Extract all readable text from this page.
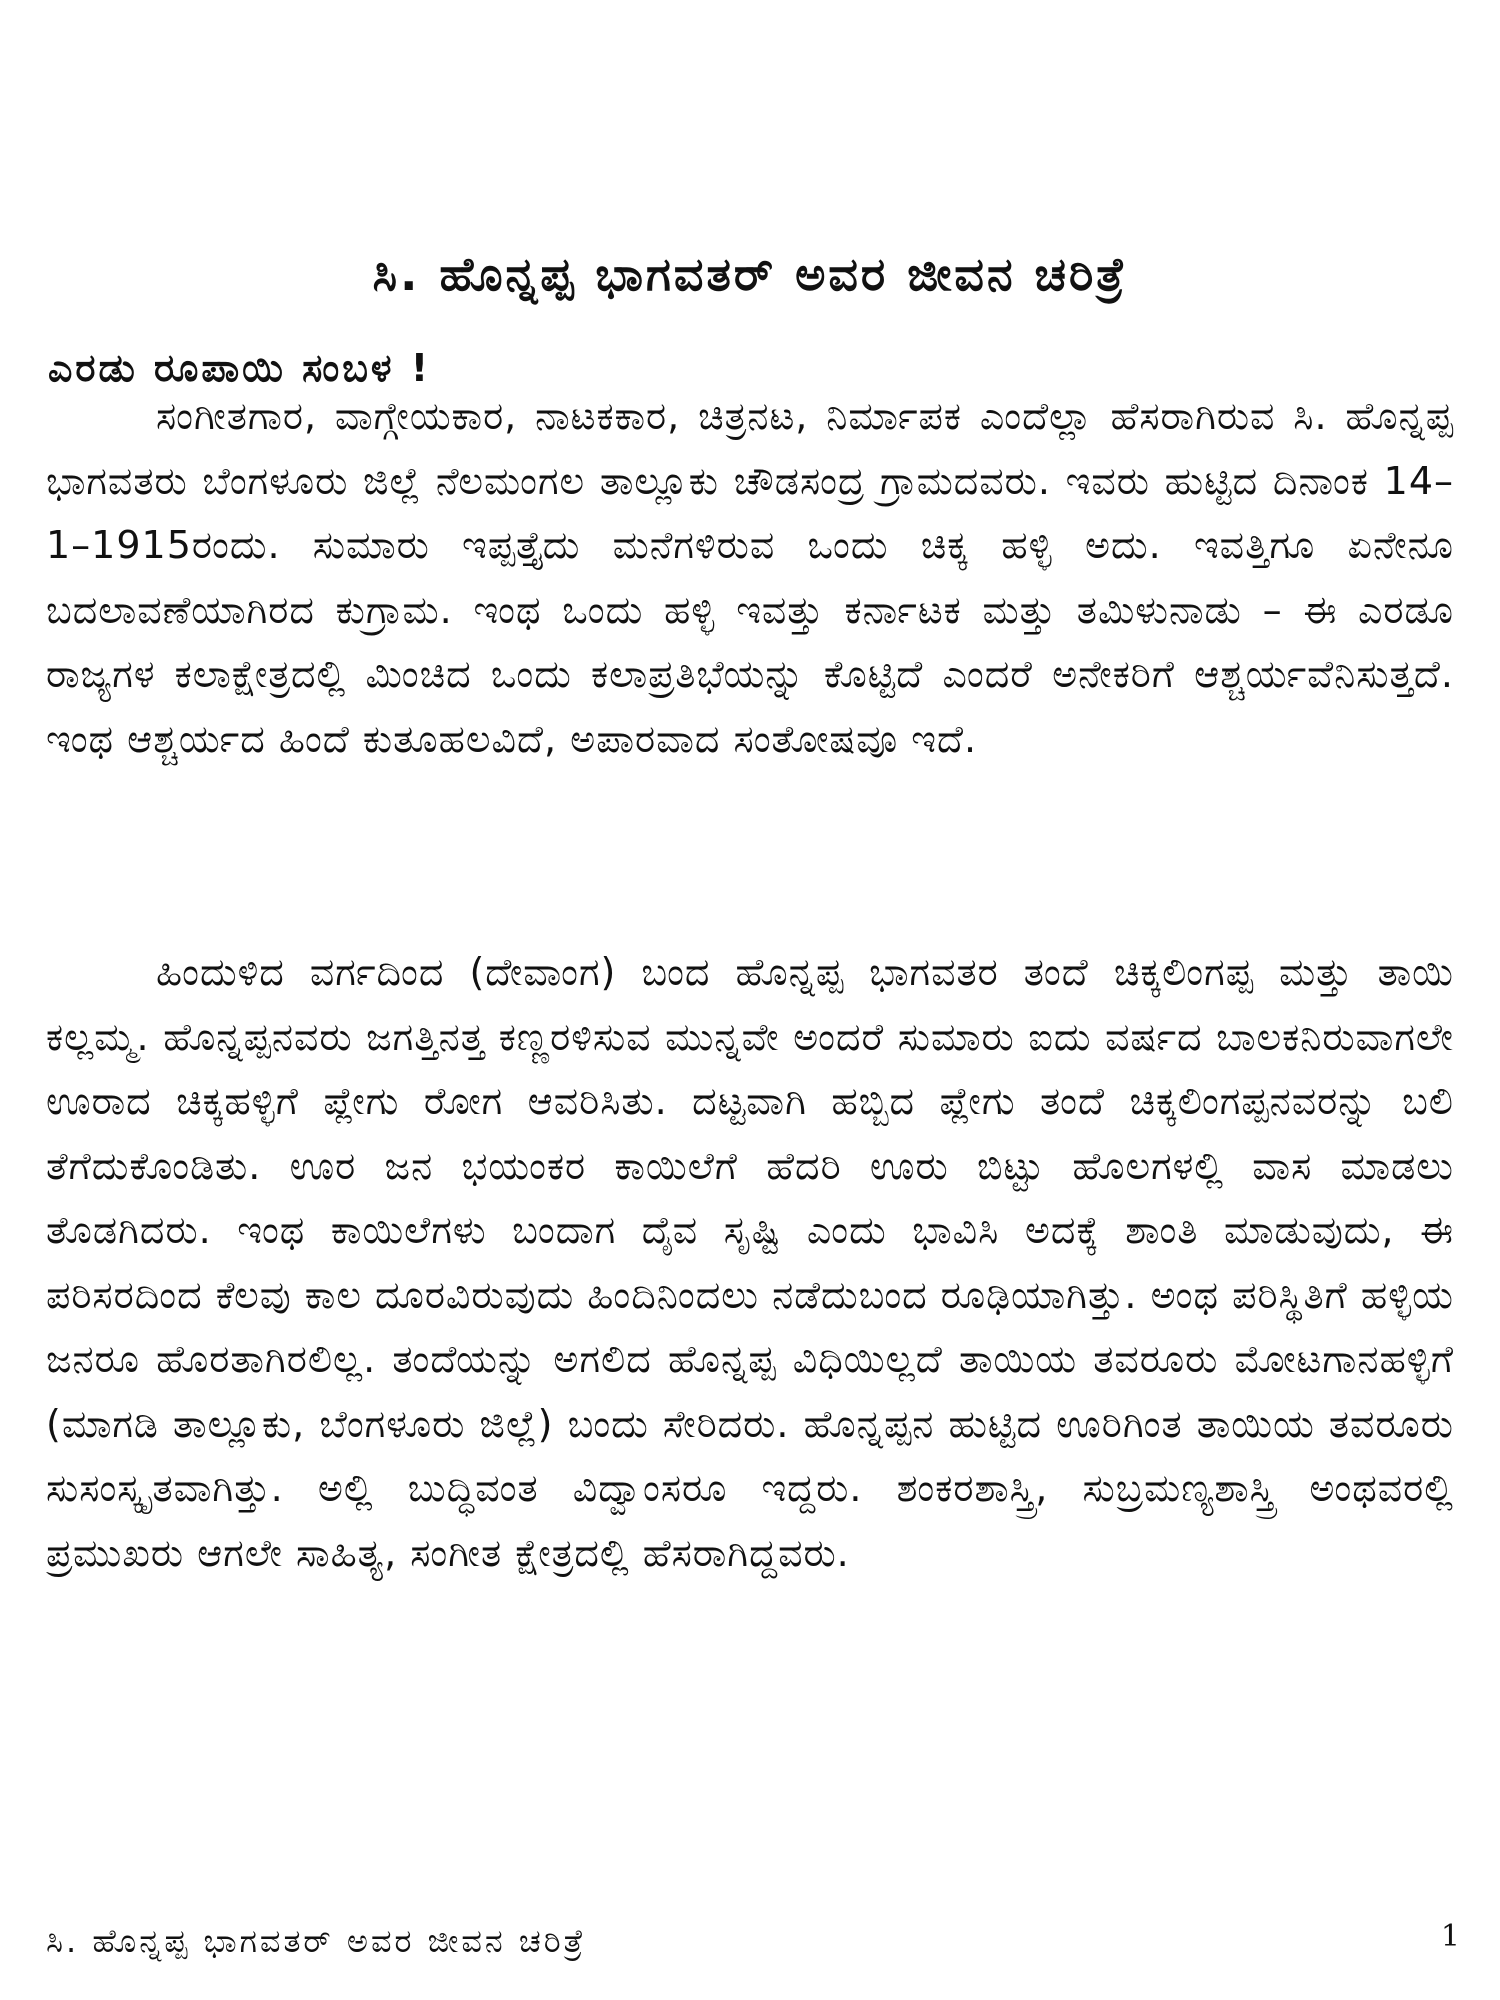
ಸಿ. ಹೊನ್ನಪ್ಪ ಭಾಗವತರ್ ಅವರ ಜೀವನ ಚರಿತ್ರೆ
ಎರಡು ರೂಪಾಯಿ ಸಂಬಳ !

ಸಂಗೀತಗಾರ, ವಾಗ್ಗೇಯಕಾರ, ನಾಟಕಕಾರ, ಚಿತ್ರನಟ, ನಿರ್ಮಾಪಕ ಎಂದೆಲ್ಲಾ ಹೆಸರಾಗಿರುವ ಸಿ. ಹೊನ್ನಪ್ಪ ಭಾಗವತರು ಬೆಂಗಳೂರು ಜಿಲ್ಲೆ ನೆಲಮಂಗಲ ತಾಲ್ಲೂಕು ಚೌಡಸಂದ್ರ ಗ್ರಾಮದವರು. ಇವರು ಹುಟ್ಟಿದ ದಿನಾಂಕ 14–1–1915ರಂದು. ಸುಮಾರು ಇಪ್ಪತ್ತೈದು ಮನೆಗಳಿರುವ ಒಂದು ಚಿಕ್ಕ ಹಳ್ಳಿ ಅದು. ಇವತ್ತಿಗೂ ಏನೇನೂ ಬದಲಾವಣೆಯಾಗಿರದ ಕುಗ್ರಾಮ. ಇಂಥ ಒಂದು ಹಳ್ಳಿ ಇವತ್ತು ಕರ್ನಾಟಕ ಮತ್ತು ತಮಿಳುನಾಡು – ಈ ಎರಡೂ ರಾಜ್ಯಗಳ ಕಲಾಕ್ಷೇತ್ರದಲ್ಲಿ ಮಿಂಚಿದ ಒಂದು ಕಲಾಪ್ರತಿಭೆಯನ್ನು ಕೊಟ್ಟಿದೆ ಎಂದರೆ ಅನೇಕರಿಗೆ ಆಶ್ಚರ್ಯವೆನಿಸುತ್ತದೆ. ಇಂಥ ಆಶ್ಚರ್ಯದ ಹಿಂದೆ ಕುತೂಹಲವಿದೆ, ಅಪಾರವಾದ ಸಂತೋಷವೂ ಇದೆ.

ಹಿಂದುಳಿದ ವರ್ಗದಿಂದ (ದೇವಾಂಗ) ಬಂದ ಹೊನ್ನಪ್ಪ ಭಾಗವತರ ತಂದೆ ಚಿಕ್ಕಲಿಂಗಪ್ಪ ಮತ್ತು ತಾಯಿ ಕಲ್ಲಮ್ಮ. ಹೊನ್ನಪ್ಪನವರು ಜಗತ್ತಿನತ್ತ ಕಣ್ಣರಳಿಸುವ ಮುನ್ನವೇ ಅಂದರೆ ಸುಮಾರು ಐದು ವರ್ಷದ ಬಾಲಕನಿರುವಾಗಲೇ ಊರಾದ ಚಿಕ್ಕಹಳ್ಳಿಗೆ ಪ್ಲೇಗು ರೋಗ ಆವರಿಸಿತು. ದಟ್ಟವಾಗಿ ಹಬ್ಬಿದ ಪ್ಲೇಗು ತಂದೆ ಚಿಕ್ಕಲಿಂಗಪ್ಪನವರನ್ನು ಬಲಿ ತೆಗೆದುಕೊಂಡಿತು. ಊರ ಜನ ಭಯಂಕರ ಕಾಯಿಲೆಗೆ ಹೆದರಿ ಊರು ಬಿಟ್ಟು ಹೊಲಗಳಲ್ಲಿ ವಾಸ ಮಾಡಲು ತೊಡಗಿದರು. ಇಂಥ ಕಾಯಿಲೆಗಳು ಬಂದಾಗ ದೈವ ಸೃಷ್ಟಿ ಎಂದು ಭಾವಿಸಿ ಅದಕ್ಕೆ ಶಾಂತಿ ಮಾಡುವುದು, ಈ ಪರಿಸರದಿಂದ ಕೆಲವು ಕಾಲ ದೂರವಿರುವುದು ಹಿಂದಿನಿಂದಲು ನಡೆದುಬಂದ ರೂಢಿಯಾಗಿತ್ತು. ಅಂಥ ಪರಿಸ್ಥಿತಿಗೆ ಹಳ್ಳಿಯ ಜನರೂ ಹೊರತಾಗಿರಲಿಲ್ಲ. ತಂದೆಯನ್ನು ಅಗಲಿದ ಹೊನ್ನಪ್ಪ ವಿಧಿಯಿಲ್ಲದೆ ತಾಯಿಯ ತವರೂರು ಮೋಟಗಾನಹಳ್ಳಿಗೆ (ಮಾಗಡಿ ತಾಲ್ಲೂಕು, ಬೆಂಗಳೂರು ಜಿಲ್ಲೆ) ಬಂದು ಸೇರಿದರು. ಹೊನ್ನಪ್ಪನ ಹುಟ್ಟಿದ ಊರಿಗಿಂತ ತಾಯಿಯ ತವರೂರು ಸುಸಂಸ್ಕೃತವಾಗಿತ್ತು. ಅಲ್ಲಿ ಬುದ್ಧಿವಂತ ವಿದ್ವಾಂಸರೂ ಇದ್ದರು. ಶಂಕರಶಾಸ್ತ್ರಿ, ಸುಬ್ರಮಣ್ಯಶಾಸ್ತ್ರಿ ಅಂಥವರಲ್ಲಿ ಪ್ರಮುಖರು ಆಗಲೇ ಸಾಹಿತ್ಯ, ಸಂಗೀತ ಕ್ಷೇತ್ರದಲ್ಲಿ ಹೆಸರಾಗಿದ್ದವರು.

ಸಿ. ಹೊನ್ನಪ್ಪ ಭಾಗವತರ್ ಅವರ ಜೀವನ ಚರಿತ್ರೆ	1
